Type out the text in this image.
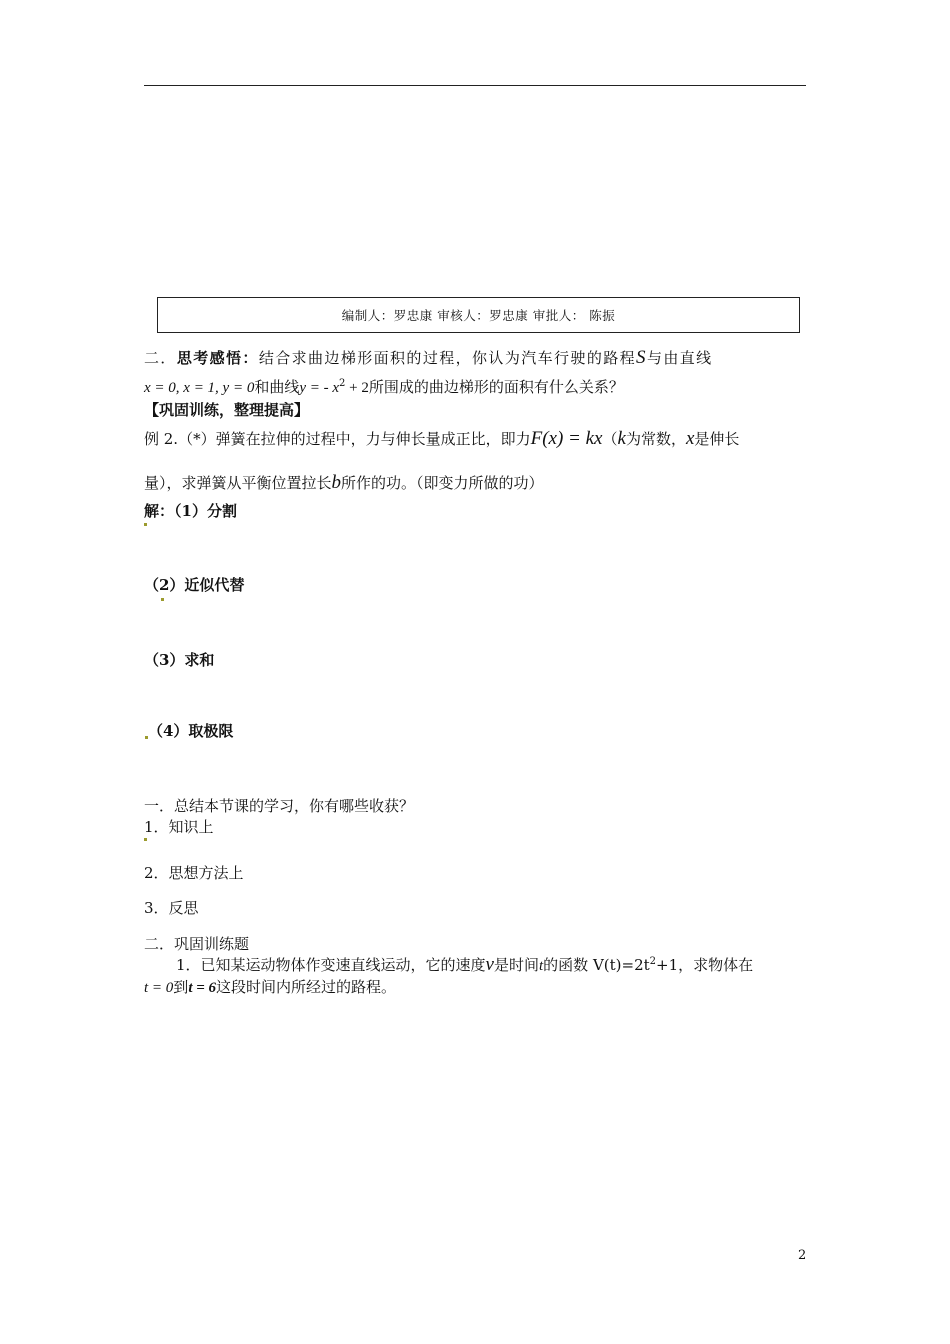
编制人：罗忠康 审核人：罗忠康 审批人： 陈振
二．思考感悟：结合求曲边梯形面积的过程，你认为汽车行驶的路程S与由直线
x = 0, x = 1, y = 0和曲线y = - $x^2 + 2$所围成的曲边梯形的面积有什么关系？
【巩固训练，整理提高】
例 2.（*）弹簧在拉伸的过程中，力与伸长量成正比，即力F(x) = kx（k为常数，x是伸长
量），求弹簧从平衡位置拉长b所作的功。（即变力所做的功）
解：（1）分割
（2）近似代替
（3）求和
（4）取极限
一．总结本节课的学习，你有哪些收获？
1．知识上
2．思想方法上
3．反思
二．巩固训练题
1．已知某运动物体作变速直线运动，它的速度v是时间t的函数 $V(t)=2t^2+1$，求物体在
t = 0到t = 6这段时间内所经过的路程。
2
